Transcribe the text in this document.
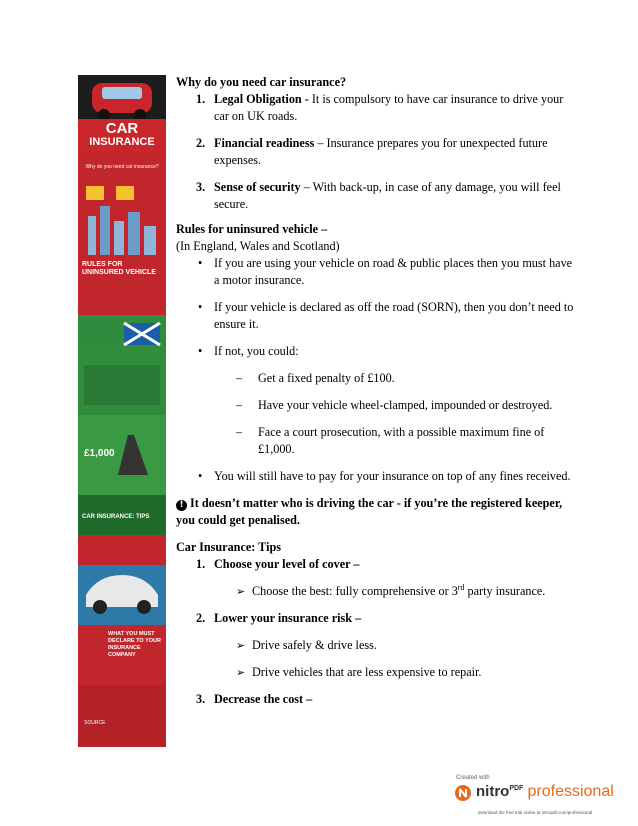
CAR
INSURANCE
Why do you need car insurance?
RULES FOR UNINSURED VEHICLE
£1,000
CAR INSURANCE: TIPS
WHAT YOU MUST DECLARE TO YOUR INSURANCE COMPANY
SOURCE
Why do you need car insurance?
1. Legal Obligation - It is compulsory to have car insurance to drive your car on UK roads.
2. Financial readiness – Insurance prepares you for unexpected future expenses.
3. Sense of security – With back-up, in case of any damage, you will feel secure.
Rules for uninsured vehicle –
(In England, Wales and Scotland)
• If you are using your vehicle on road & public places then you must have a motor insurance.
• If your vehicle is declared as off the road (SORN), then you don’t need to ensure it.
• If not, you could:
– Get a fixed penalty of £100.
– Have your vehicle wheel-clamped, impounded or destroyed.
– Face a court prosecution, with a possible maximum fine of £1,000.
• You will still have to pay for your insurance on top of any fines received.
! It doesn’t matter who is driving the car - if you’re the registered keeper, you could get penalised.
Car Insurance: Tips
1. Choose your level of cover –
➢ Choose the best: fully comprehensive or 3rd party insurance.
2. Lower your insurance risk –
➢ Drive safely & drive less.
➢ Drive vehicles that are less expensive to repair.
3. Decrease the cost –
Created with
nitro$^{PDF}$ professional
download the free trial online at nitropdf.com/professional
